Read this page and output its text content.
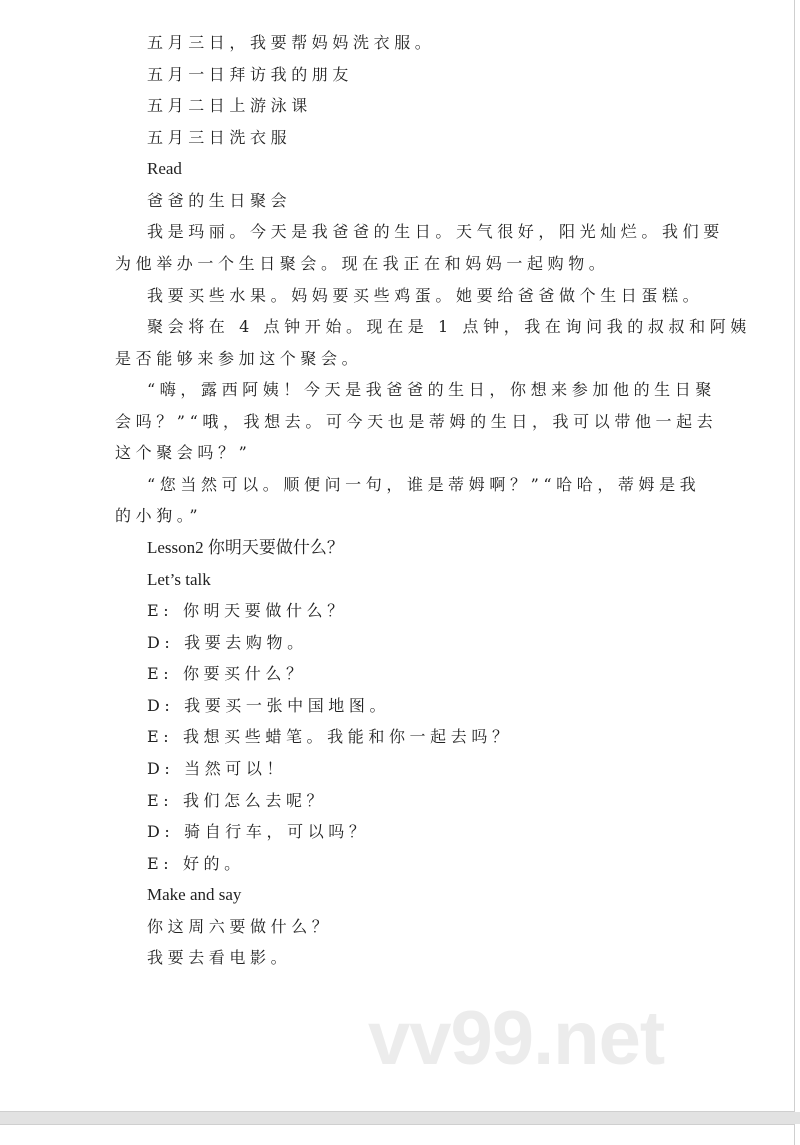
五月三日，我要帮妈妈洗衣服。
五月一日拜访我的朋友
五月二日上游泳课
五月三日洗衣服
Read
爸爸的生日聚会
我是玛丽。今天是我爸爸的生日。天气很好，阳光灿烂。我们要
为他举办一个生日聚会。现在我正在和妈妈一起购物。
我要买些水果。妈妈要买些鸡蛋。她要给爸爸做个生日蛋糕。
聚会将在 4 点钟开始。现在是 1 点钟，我在询问我的叔叔和阿姨
是否能够来参加这个聚会。
“嗨，露西阿姨！今天是我爸爸的生日，你想来参加他的生日聚
会吗？”“哦，我想去。可今天也是蒂姆的生日，我可以带他一起去
这个聚会吗？”
“您当然可以。顺便问一句，谁是蒂姆啊？”“哈哈，蒂姆是我
的小狗。”
Lesson2 你明天要做什么？
Let’s talk
E: 你明天要做什么？
D: 我要去购物。
E: 你要买什么？
D: 我要买一张中国地图。
E: 我想买些蜡笔。我能和你一起去吗？
D: 当然可以！
E: 我们怎么去呢？
D: 骑自行车，可以吗？
E: 好的。
Make and say
你这周六要做什么？
我要去看电影。
vv99.net
